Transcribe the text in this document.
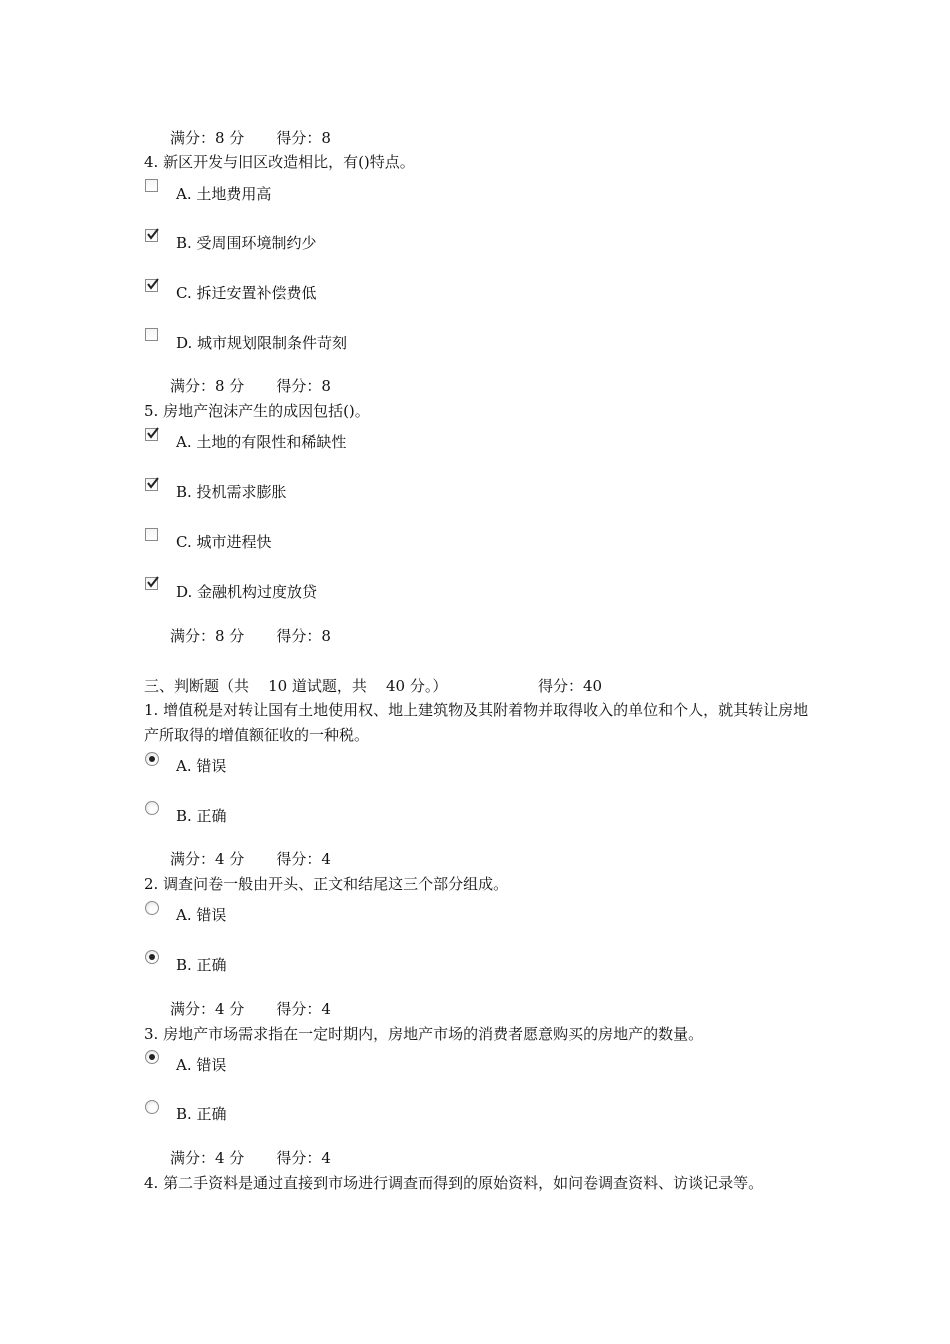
满分：8 分 得分：8
4. 新区开发与旧区改造相比，有()特点。
A. 土地费用高
B. 受周围环境制约少
C. 拆迁安置补偿费低
D. 城市规划限制条件苛刻
满分：8 分 得分：8
5. 房地产泡沫产生的成因包括()。
A. 土地的有限性和稀缺性
B. 投机需求膨胀
C. 城市进程快
D. 金融机构过度放贷
满分：8 分 得分：8
三、判断题（共    10 道试题，共    40 分。）	得分：40
1. 增值税是对转让国有土地使用权、地上建筑物及其附着物并取得收入的单位和个人，就其转让房地产所取得的增值额征收的一种税。
A. 错误
B. 正确
满分：4 分 得分：4
2. 调查问卷一般由开头、正文和结尾这三个部分组成。
A. 错误
B. 正确
满分：4 分 得分：4
3. 房地产市场需求指在一定时期内，房地产市场的消费者愿意购买的房地产的数量。
A. 错误
B. 正确
满分：4 分 得分：4
4. 第二手资料是通过直接到市场进行调查而得到的原始资料，如问卷调查资料、访谈记录等。
